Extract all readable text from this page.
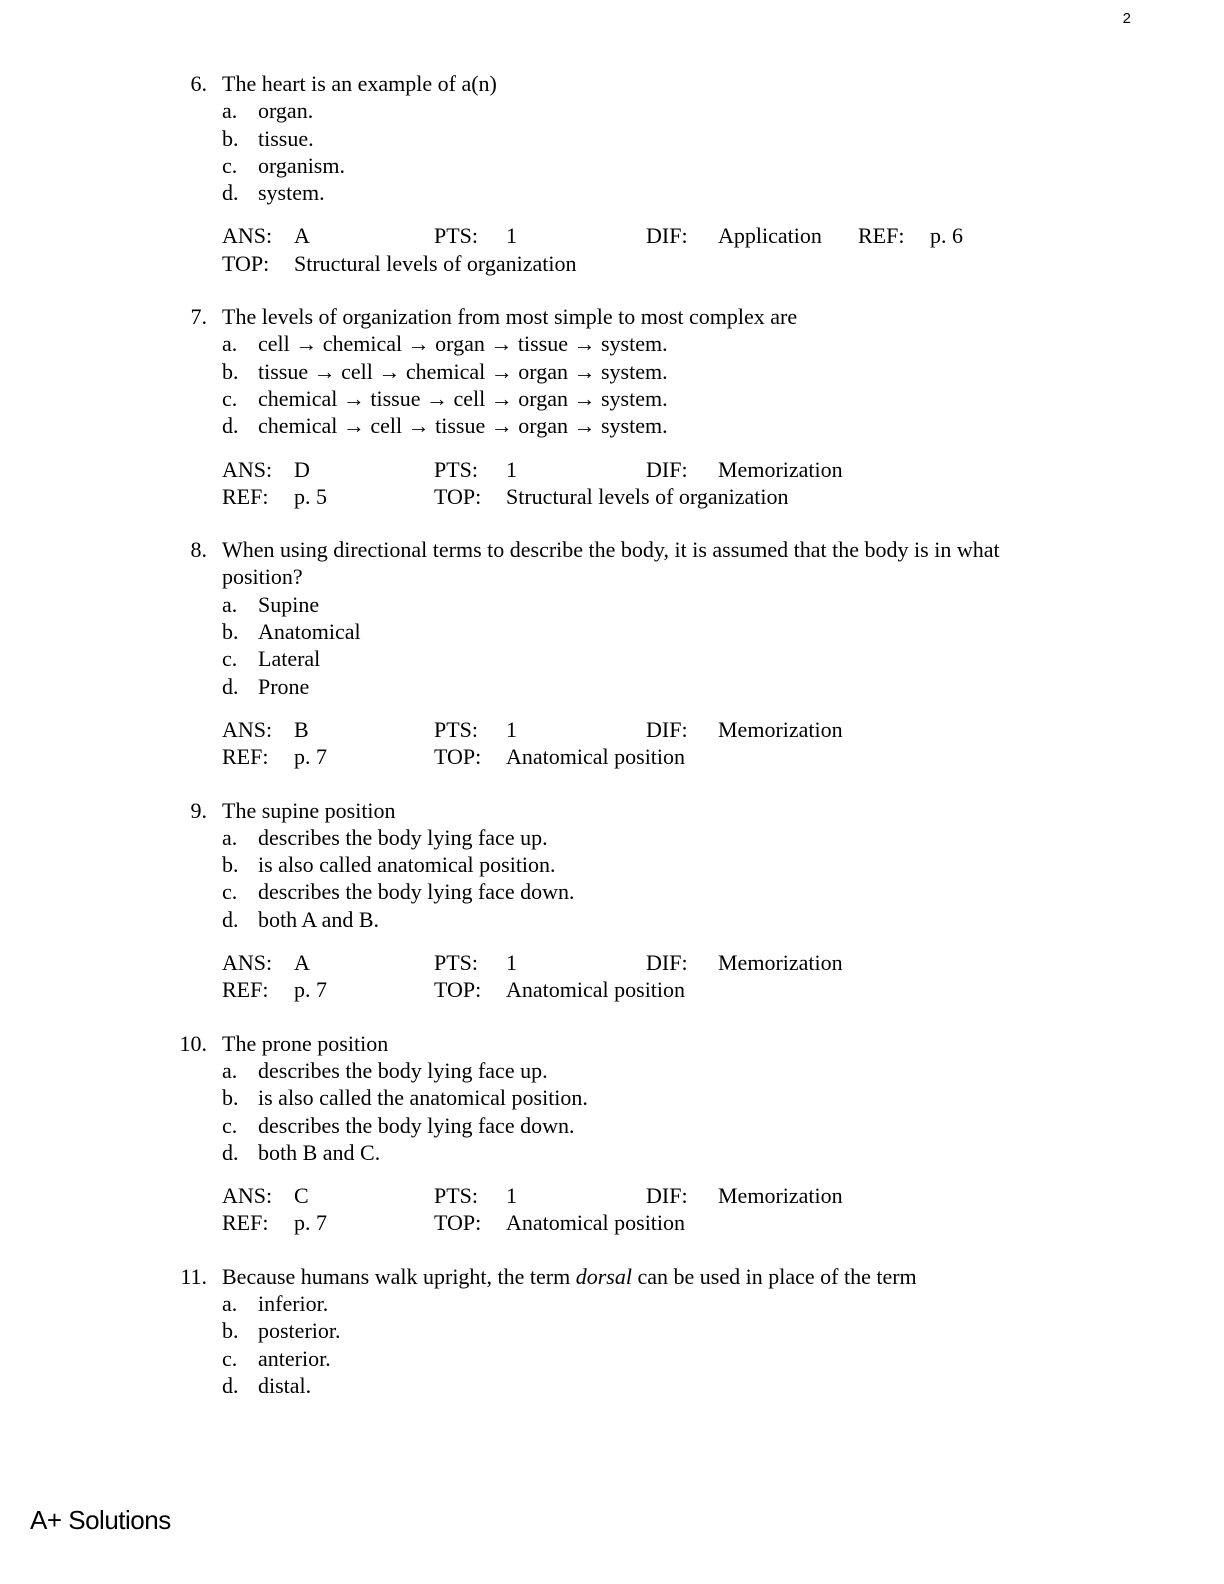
2
6. The heart is an example of a(n)
a. organ.
b. tissue.
c. organism.
d. system.
ANS: A	PTS: 1	DIF: Application REF: p. 6
TOP: Structural levels of organization
7. The levels of organization from most simple to most complex are
a. cell → chemical → organ → tissue → system.
b. tissue → cell → chemical → organ → system.
c. chemical → tissue → cell → organ → system.
d. chemical → cell → tissue → organ → system.
ANS: D	PTS: 1	DIF: Memorization
REF: p. 5	TOP: Structural levels of organization
8. When using directional terms to describe the body, it is assumed that the body is in what position?
a. Supine
b. Anatomical
c. Lateral
d. Prone
ANS: B	PTS: 1	DIF: Memorization
REF: p. 7	TOP: Anatomical position
9. The supine position
a. describes the body lying face up.
b. is also called anatomical position.
c. describes the body lying face down.
d. both A and B.
ANS: A	PTS: 1	DIF: Memorization
REF: p. 7	TOP: Anatomical position
10. The prone position
a. describes the body lying face up.
b. is also called the anatomical position.
c. describes the body lying face down.
d. both B and C.
ANS: C	PTS: 1	DIF: Memorization
REF: p. 7	TOP: Anatomical position
11. Because humans walk upright, the term dorsal can be used in place of the term
a. inferior.
b. posterior.
c. anterior.
d. distal.
A+ Solutions
